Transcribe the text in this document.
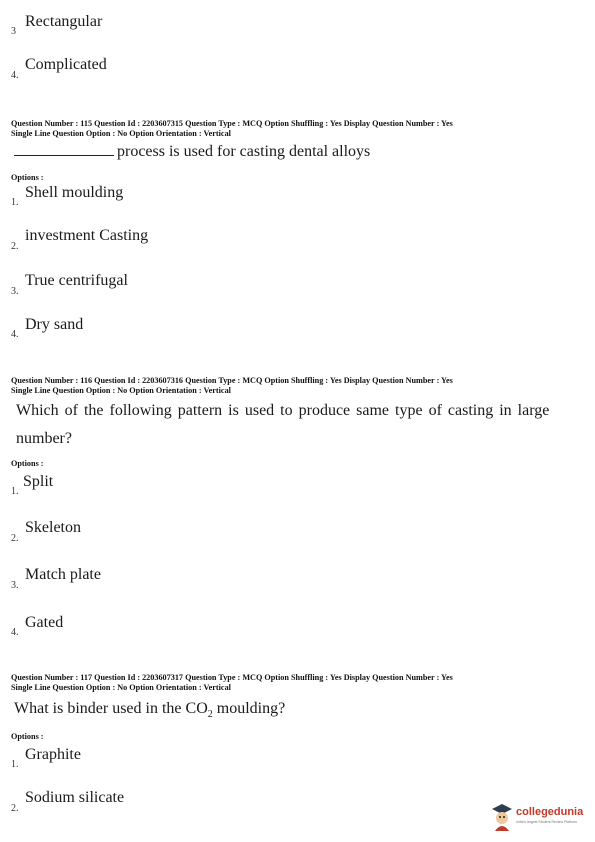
3
Rectangular
4.
Complicated
Question Number : 115 Question Id : 2203607315 Question Type : MCQ Option Shuffling : Yes Display Question Number : Yes
Single Line Question Option : No Option Orientation : Vertical
process is used for casting dental alloys
Options :
1.
Shell moulding
2.
investment Casting
3.
True centrifugal
4.
Dry sand
Question Number : 116 Question Id : 2203607316 Question Type : MCQ Option Shuffling : Yes Display Question Number : Yes
Single Line Question Option : No Option Orientation : Vertical
Which of the following pattern is used to produce same type of casting in large
number?
Options :
1.
Split
2.
Skeleton
3.
Match plate
4.
Gated
Question Number : 117 Question Id : 2203607317 Question Type : MCQ Option Shuffling : Yes Display Question Number : Yes
Single Line Question Option : No Option Orientation : Vertical
What is binder used in the $CO_2$ moulding?
Options :
1.
Graphite
2.
Sodium silicate
collegedunia
India's largest Student Review Platform
